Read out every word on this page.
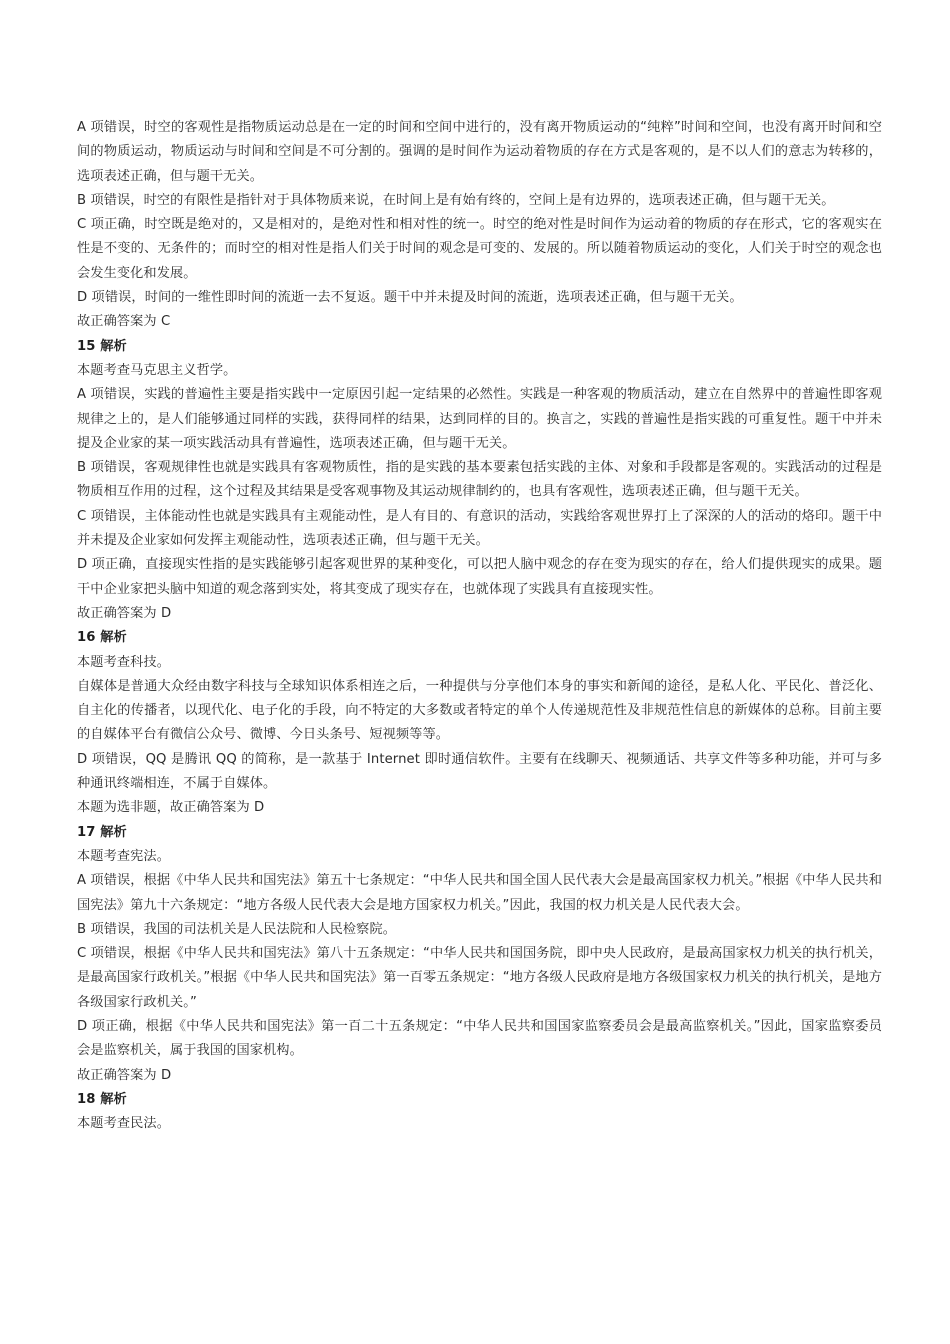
A 项错误，时空的客观性是指物质运动总是在一定的时间和空间中进行的，没有离开物质运动的“纯粹”时间和空间，也没有离开时间和空间的物质运动，物质运动与时间和空间是不可分割的。强调的是时间作为运动着物质的存在方式是客观的，是不以人们的意志为转移的，选项表述正确，但与题干无关。

B 项错误，时空的有限性是指针对于具体物质来说，在时间上是有始有终的，空间上是有边界的，选项表述正确，但与题干无关。

C 项正确，时空既是绝对的，又是相对的，是绝对性和相对性的统一。时空的绝对性是时间作为运动着的物质的存在形式，它的客观实在性是不变的、无条件的；而时空的相对性是指人们关于时间的观念是可变的、发展的。所以随着物质运动的变化，人们关于时空的观念也会发生变化和发展。

D 项错误，时间的一维性即时间的流逝一去不复返。题干中并未提及时间的流逝，选项表述正确，但与题干无关。

故正确答案为 C

15 解析

本题考查马克思主义哲学。

A 项错误，实践的普遍性主要是指实践中一定原因引起一定结果的必然性。实践是一种客观的物质活动，建立在自然界中的普遍性即客观规律之上的，是人们能够通过同样的实践，获得同样的结果，达到同样的目的。换言之，实践的普遍性是指实践的可重复性。题干中并未提及企业家的某一项实践活动具有普遍性，选项表述正确，但与题干无关。

B 项错误，客观规律性也就是实践具有客观物质性，指的是实践的基本要素包括实践的主体、对象和手段都是客观的。实践活动的过程是物质相互作用的过程，这个过程及其结果是受客观事物及其运动规律制约的，也具有客观性，选项表述正确，但与题干无关。

C 项错误，主体能动性也就是实践具有主观能动性，是人有目的、有意识的活动，实践给客观世界打上了深深的人的活动的烙印。题干中并未提及企业家如何发挥主观能动性，选项表述正确，但与题干无关。

D 项正确，直接现实性指的是实践能够引起客观世界的某种变化，可以把人脑中观念的存在变为现实的存在，给人们提供现实的成果。题干中企业家把头脑中知道的观念落到实处，将其变成了现实存在，也就体现了实践具有直接现实性。

故正确答案为 D

16 解析

本题考查科技。

自媒体是普通大众经由数字科技与全球知识体系相连之后，一种提供与分享他们本身的事实和新闻的途径，是私人化、平民化、普泛化、自主化的传播者，以现代化、电子化的手段，向不特定的大多数或者特定的单个人传递规范性及非规范性信息的新媒体的总称。目前主要的自媒体平台有微信公众号、微博、今日头条号、短视频等等。

D 项错误，QQ 是腾讯 QQ 的简称，是一款基于 Internet 即时通信软件。主要有在线聊天、视频通话、共享文件等多种功能，并可与多种通讯终端相连，不属于自媒体。

本题为选非题，故正确答案为 D

17 解析

本题考查宪法。

A 项错误，根据《中华人民共和国宪法》第五十七条规定：“中华人民共和国全国人民代表大会是最高国家权力机关。”根据《中华人民共和国宪法》第九十六条规定：“地方各级人民代表大会是地方国家权力机关。”因此，我国的权力机关是人民代表大会。

B 项错误，我国的司法机关是人民法院和人民检察院。

C 项错误，根据《中华人民共和国宪法》第八十五条规定：“中华人民共和国国务院，即中央人民政府，是最高国家权力机关的执行机关，是最高国家行政机关。”根据《中华人民共和国宪法》第一百零五条规定：“地方各级人民政府是地方各级国家权力机关的执行机关，是地方各级国家行政机关。”

D 项正确，根据《中华人民共和国宪法》第一百二十五条规定：“中华人民共和国国家监察委员会是最高监察机关。”因此，国家监察委员会是监察机关，属于我国的国家机构。

故正确答案为 D

18 解析

本题考查民法。
